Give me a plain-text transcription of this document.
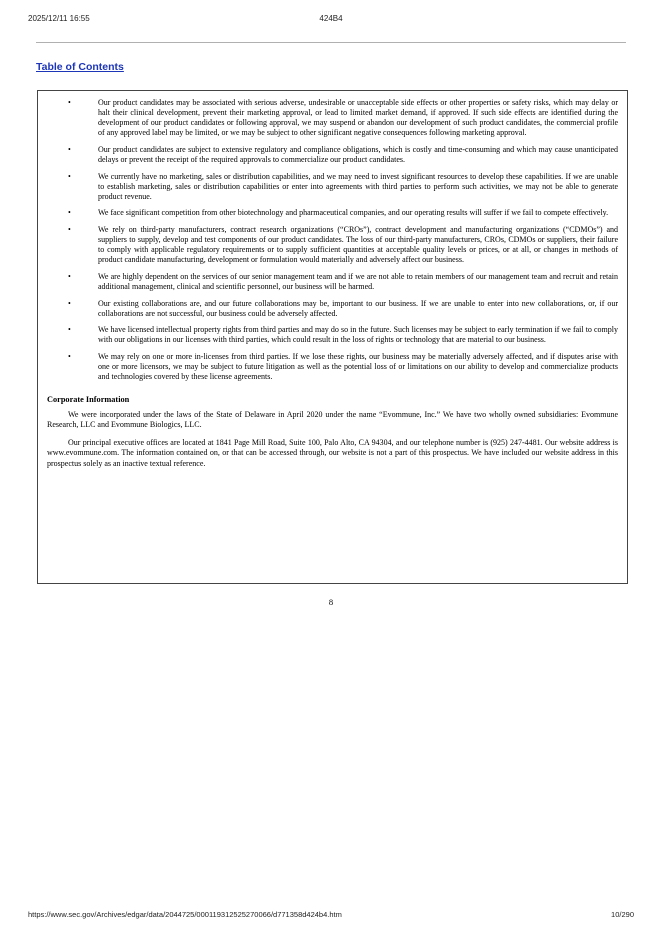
2025/12/11 16:55	424B4
Table of Contents
•	Our product candidates may be associated with serious adverse, undesirable or unacceptable side effects or other properties or safety risks, which may delay or halt their clinical development, prevent their marketing approval, or lead to limited market demand, if approved. If such side effects are identified during the development of our product candidates or following approval, we may suspend or abandon our development of such product candidates, the commercial profile of any approved label may be limited, or we may be subject to other significant negative consequences following marketing approval.
•	Our product candidates are subject to extensive regulatory and compliance obligations, which is costly and time-consuming and which may cause unanticipated delays or prevent the receipt of the required approvals to commercialize our product candidates.
•	We currently have no marketing, sales or distribution capabilities, and we may need to invest significant resources to develop these capabilities. If we are unable to establish marketing, sales or distribution capabilities or enter into agreements with third parties to perform such activities, we may not be able to generate product revenue.
•	We face significant competition from other biotechnology and pharmaceutical companies, and our operating results will suffer if we fail to compete effectively.
•	We rely on third-party manufacturers, contract research organizations (“CROs”), contract development and manufacturing organizations (“CDMOs”) and suppliers to supply, develop and test components of our product candidates. The loss of our third-party manufacturers, CROs, CDMOs or suppliers, their failure to comply with applicable regulatory requirements or to supply sufficient quantities at acceptable quality levels or prices, or at all, or changes in methods of product candidate manufacturing, development or formulation would materially and adversely affect our business.
•	We are highly dependent on the services of our senior management team and if we are not able to retain members of our management team and recruit and retain additional management, clinical and scientific personnel, our business will be harmed.
•	Our existing collaborations are, and our future collaborations may be, important to our business. If we are unable to enter into new collaborations, or, if our collaborations are not successful, our business could be adversely affected.
•	We have licensed intellectual property rights from third parties and may do so in the future. Such licenses may be subject to early termination if we fail to comply with our obligations in our licenses with third parties, which could result in the loss of rights or technology that are material to our business.
•	We may rely on one or more in-licenses from third parties. If we lose these rights, our business may be materially adversely affected, and if disputes arise with one or more licensors, we may be subject to future litigation as well as the potential loss of or limitations on our ability to develop and commercialize products and technologies covered by these license agreements.
Corporate Information

We were incorporated under the laws of the State of Delaware in April 2020 under the name “Evommune, Inc.” We have two wholly owned subsidiaries: Evommune Research, LLC and Evommune Biologics, LLC.

Our principal executive offices are located at 1841 Page Mill Road, Suite 100, Palo Alto, CA 94304, and our telephone number is (925) 247-4481. Our website address is www.evommune.com. The information contained on, or that can be accessed through, our website is not a part of this prospectus. We have included our website address in this prospectus solely as an inactive textual reference.

8
https://www.sec.gov/Archives/edgar/data/2044725/000119312525270066/d771358d424b4.htm	10/290
